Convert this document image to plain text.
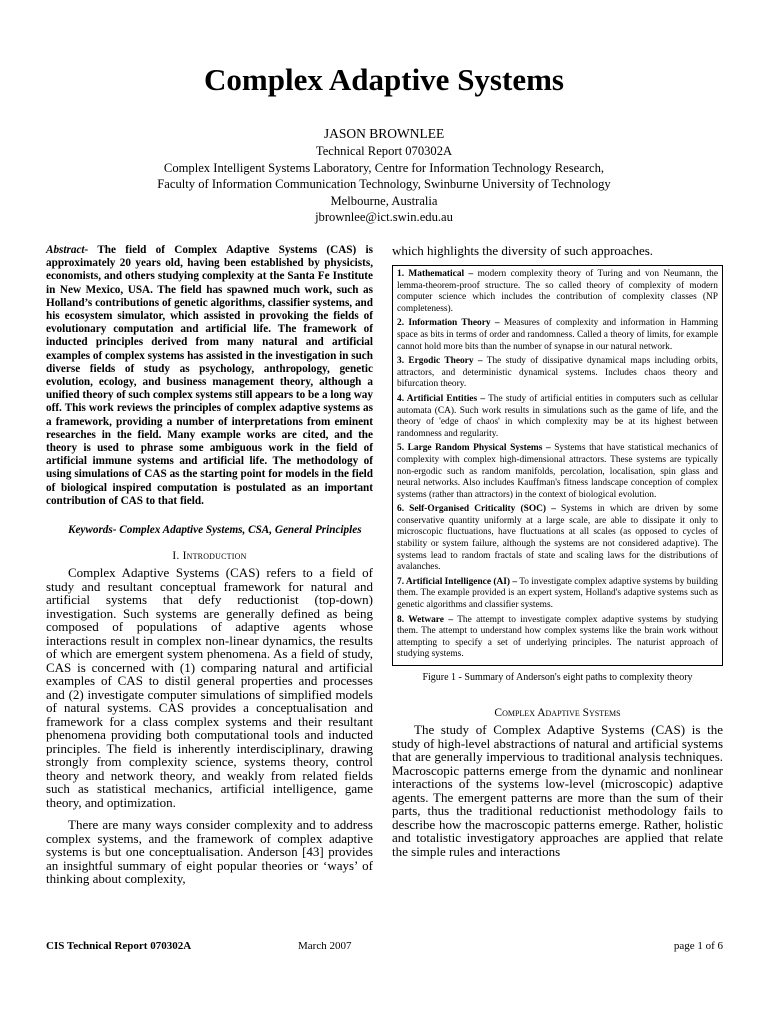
Complex Adaptive Systems
JASON BROWNLEE
Technical Report 070302A
Complex Intelligent Systems Laboratory, Centre for Information Technology Research,
Faculty of Information Communication Technology, Swinburne University of Technology
Melbourne, Australia
jbrownlee@ict.swin.edu.au

Abstract- The field of Complex Adaptive Systems (CAS) is approximately 20 years old, having been established by physicists, economists, and others studying complexity at the Santa Fe Institute in New Mexico, USA. The field has spawned much work, such as Holland’s contributions of genetic algorithms, classifier systems, and his ecosystem simulator, which assisted in provoking the fields of evolutionary computation and artificial life. The framework of inducted principles derived from many natural and artificial examples of complex systems has assisted in the investigation in such diverse fields of study as psychology, anthropology, genetic evolution, ecology, and business management theory, although a unified theory of such complex systems still appears to be a long way off. This work reviews the principles of complex adaptive systems as a framework, providing a number of interpretations from eminent researches in the field. Many example works are cited, and the theory is used to phrase some ambiguous work in the field of artificial immune systems and artificial life. The methodology of using simulations of CAS as the starting point for models in the field of biological inspired computation is postulated as an important contribution of CAS to that field.

Keywords- Complex Adaptive Systems, CSA, General Principles

I. Introduction

Complex Adaptive Systems (CAS) refers to a field of study and resultant conceptual framework for natural and artificial systems that defy reductionist (top-down) investigation. Such systems are generally defined as being composed of populations of adaptive agents whose interactions result in complex non-linear dynamics, the results of which are emergent system phenomena. As a field of study, CAS is concerned with (1) comparing natural and artificial examples of CAS to distil general properties and processes and (2) investigate computer simulations of simplified models of natural systems. CAS provides a conceptualisation and framework for a class complex systems and their resultant phenomena providing both computational tools and inducted principles. The field is inherently interdisciplinary, drawing strongly from complexity science, systems theory, control theory and network theory, and weakly from related fields such as statistical mechanics, artificial intelligence, game theory, and optimization.

There are many ways consider complexity and to address complex systems, and the framework of complex adaptive systems is but one conceptualisation. Anderson [43] provides an insightful summary of eight popular theories or ‘ways’ of thinking about complexity,

which highlights the diversity of such approaches.

1. Mathematical – modern complexity theory of Turing and von Neumann, the lemma-theorem-proof structure. The so called theory of complexity of modern computer science which includes the contribution of complexity classes (NP completeness).

2. Information Theory – Measures of complexity and information in Hamming space as bits in terms of order and randomness. Called a theory of limits, for example cannot hold more bits than the number of synapse in our natural network.

3. Ergodic Theory – The study of dissipative dynamical maps including orbits, attractors, and deterministic dynamical systems. Includes chaos theory and bifurcation theory.

4. Artificial Entities – The study of artificial entities in computers such as cellular automata (CA). Such work results in simulations such as the game of life, and the theory of 'edge of chaos' in which complexity may be at its highest between randomness and regularity.

5. Large Random Physical Systems – Systems that have statistical mechanics of complexity with complex high-dimensional attractors. These systems are typically non-ergodic such as random manifolds, percolation, localisation, spin glass and neural networks. Also includes Kauffman's fitness landscape conception of complex systems (rather than attractors) in the context of biological evolution.

6. Self-Organised Criticality (SOC) – Systems in which are driven by some conservative quantity uniformly at a large scale, are able to dissipate it only to microscopic fluctuations, have fluctuations at all scales (as opposed to cycles of stability or system failure, although the systems are not considered adaptive). The systems lead to random fractals of state and scaling laws for the distributions of avalanches.

7. Artificial Intelligence (AI) – To investigate complex adaptive systems by building them. The example provided is an expert system, Holland's adaptive systems such as genetic algorithms and classifier systems.

8. Wetware – The attempt to investigate complex adaptive systems by studying them. The attempt to understand how complex systems like the brain work without attempting to specify a set of underlying principles. The naturist approach of studying systems.

Figure 1 - Summary of Anderson's eight paths to complexity theory

Complex Adaptive Systems

The study of Complex Adaptive Systems (CAS) is the study of high-level abstractions of natural and artificial systems that are generally impervious to traditional analysis techniques. Macroscopic patterns emerge from the dynamic and nonlinear interactions of the systems low-level (microscopic) adaptive agents. The emergent patterns are more than the sum of their parts, thus the traditional reductionist methodology fails to describe how the macroscopic patterns emerge. Rather, holistic and totalistic investigatory approaches are applied that relate the simple rules and interactions

CIS Technical Report 070302A	March 2007	page 1 of 6
